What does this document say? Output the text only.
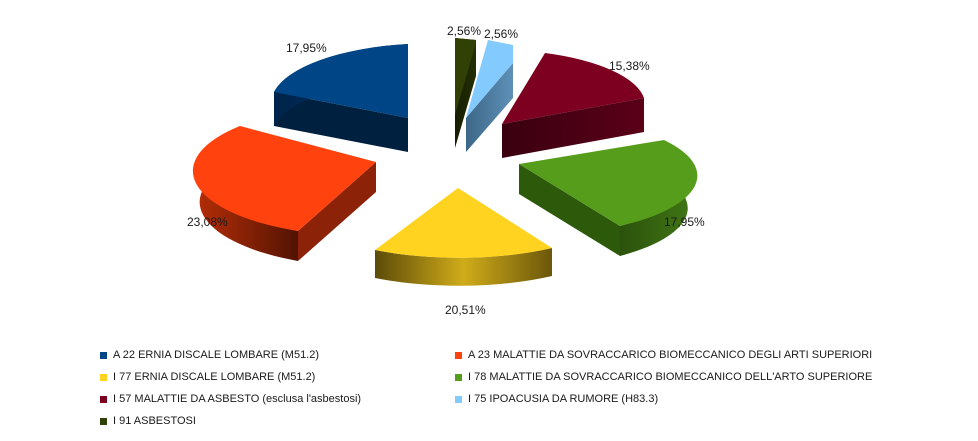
17,95%
23,08%
20,51%
17,95%
15,38%
2,56%
2,56%
A 22 ERNIA DISCALE LOMBARE (M51.2)	A 23 MALATTIE DA SOVRACCARICO BIOMECCANICO DEGLI ARTI SUPERIORI
I 77 ERNIA DISCALE LOMBARE (M51.2)	I 78 MALATTIE DA SOVRACCARICO BIOMECCANICO DELL'ARTO SUPERIORE
I 57 MALATTIE DA ASBESTO (esclusa l'asbestosi)	I 75 IPOACUSIA DA RUMORE (H83.3)
I 91 ASBESTOSI
